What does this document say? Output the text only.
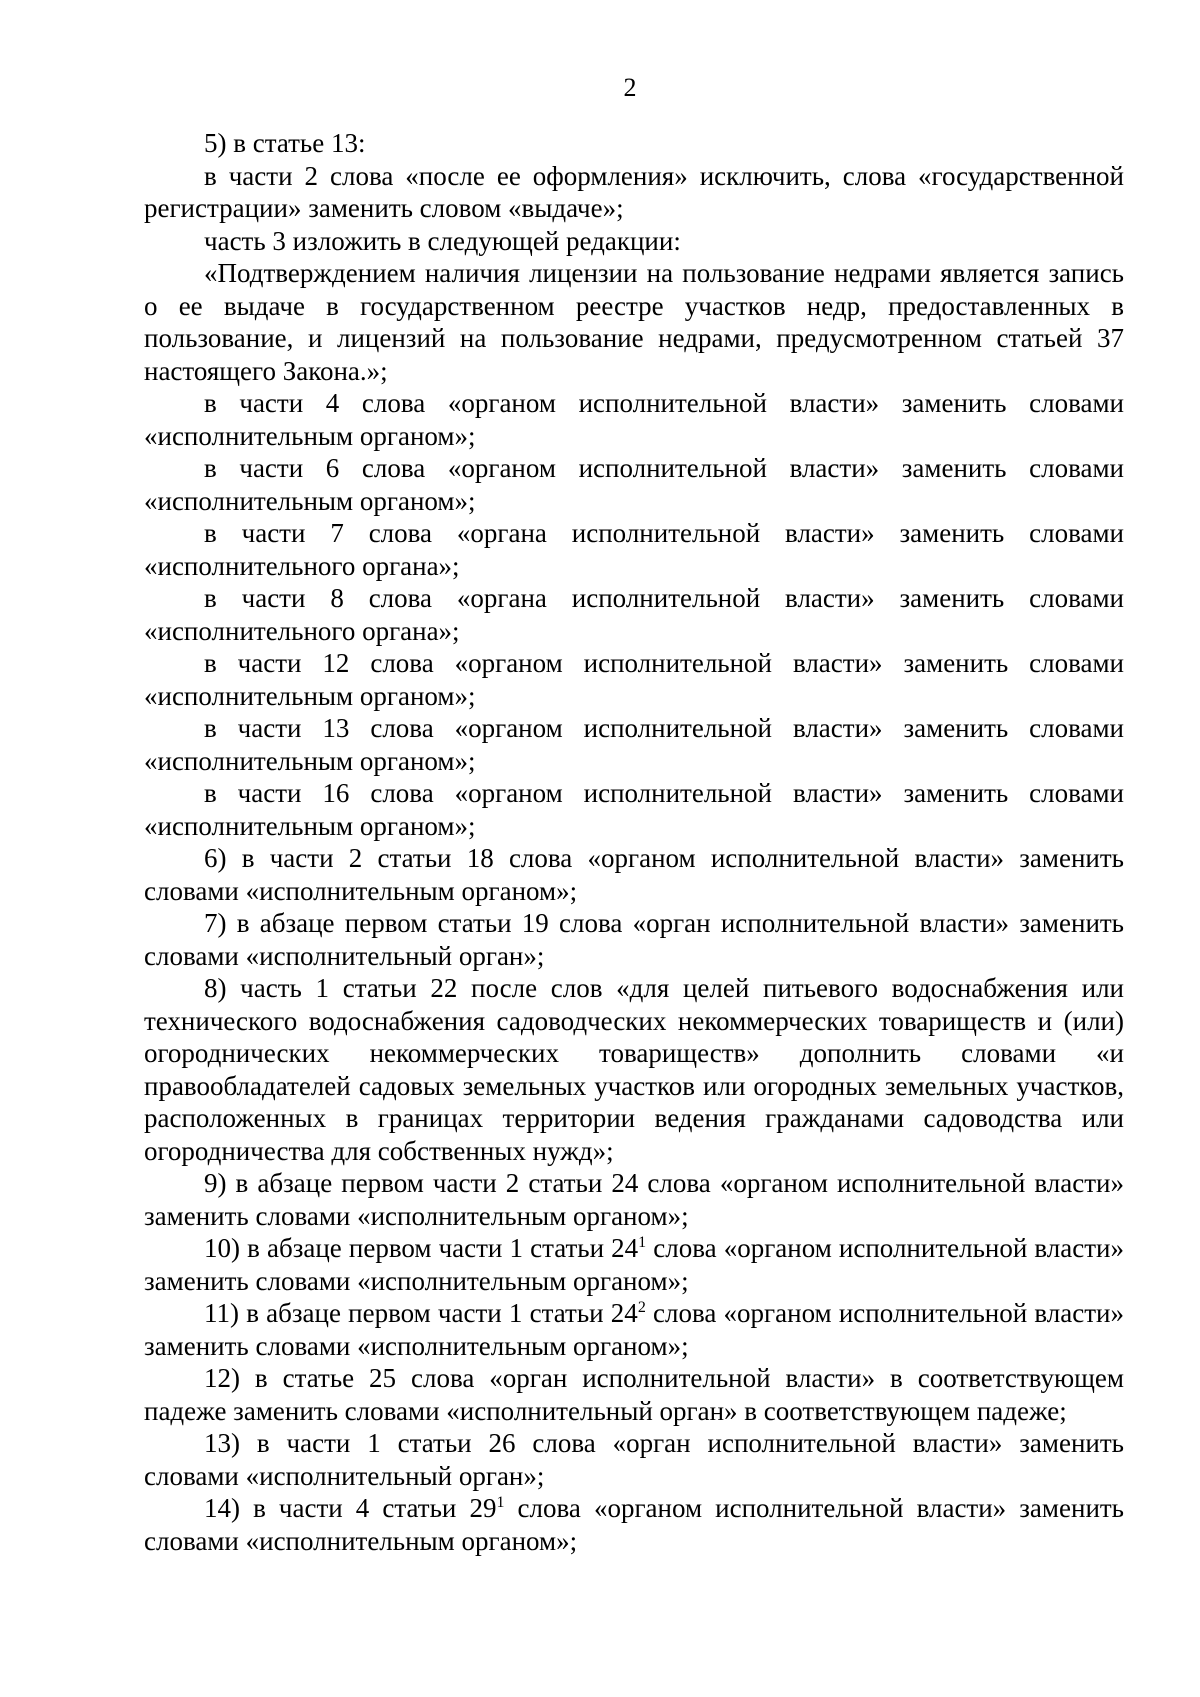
2

5) в статье 13:

в части 2 слова «после ее оформления» исключить, слова «государственной регистрации» заменить словом «выдаче»;

часть 3 изложить в следующей редакции:

«Подтверждением наличия лицензии на пользование недрами является запись о ее выдаче в государственном реестре участков недр, предоставленных в пользование, и лицензий на пользование недрами, предусмотренном статьей 37 настоящего Закона.»;

в части 4 слова «органом исполнительной власти» заменить словами «исполнительным органом»;

в части 6 слова «органом исполнительной власти» заменить словами «исполнительным органом»;

в части 7 слова «органа исполнительной власти» заменить словами «исполнительного органа»;

в части 8 слова «органа исполнительной власти» заменить словами «исполнительного органа»;

в части 12 слова «органом исполнительной власти» заменить словами «исполнительным органом»;

в части 13 слова «органом исполнительной власти» заменить словами «исполнительным органом»;

в части 16 слова «органом исполнительной власти» заменить словами «исполнительным органом»;

6) в части 2 статьи 18 слова «органом исполнительной власти» заменить словами «исполнительным органом»;

7) в абзаце первом статьи 19 слова «орган исполнительной власти» заменить словами «исполнительный орган»;

8) часть 1 статьи 22 после слов «для целей питьевого водоснабжения или технического водоснабжения садоводческих некоммерческих товариществ и (или) огороднических некоммерческих товариществ» дополнить словами «и правообладателей садовых земельных участков или огородных земельных участков, расположенных в границах территории ведения гражданами садоводства или огородничества для собственных нужд»;

9) в абзаце первом части 2 статьи 24 слова «органом исполнительной власти» заменить словами «исполнительным органом»;

10) в абзаце первом части 1 статьи $24^1$ слова «органом исполнительной власти» заменить словами «исполнительным органом»;

11) в абзаце первом части 1 статьи $24^2$ слова «органом исполнительной власти» заменить словами «исполнительным органом»;

12) в статье 25 слова «орган исполнительной власти» в соответствующем падеже заменить словами «исполнительный орган» в соответствующем падеже;

13) в части 1 статьи 26 слова «орган исполнительной власти» заменить словами «исполнительный орган»;

14) в части 4 статьи $29^1$ слова «органом исполнительной власти» заменить словами «исполнительным органом»;
